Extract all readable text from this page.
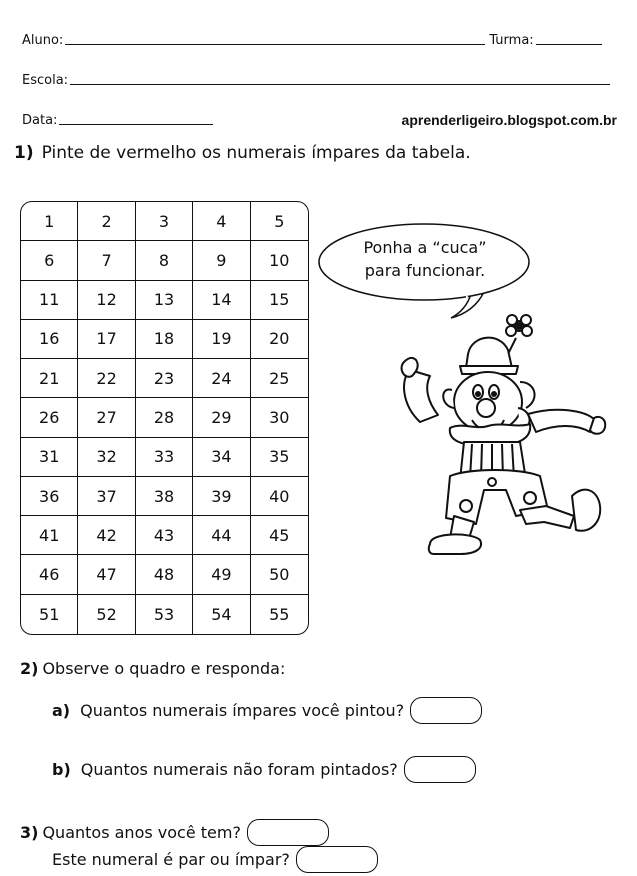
Aluno:	Turma:
Escola:
Data:	aprenderligeiro.blogspot.com.br
1) Pinte de vermelho os numerais ímpares da tabela.
1	2	3	4	5
6	7	8	9	10
11	12	13	14	15
16	17	18	19	20
21	22	23	24	25
26	27	28	29	30
31	32	33	34	35
36	37	38	39	40
41	42	43	44	45
46	47	48	49	50
51	52	53	54	55
Ponha a “cuca”
para funcionar.
2) Observe o quadro e responda:
a) Quantos numerais ímpares você pintou?
b) Quantos numerais não foram pintados?
3) Quantos anos você tem?
Este numeral é par ou ímpar?
